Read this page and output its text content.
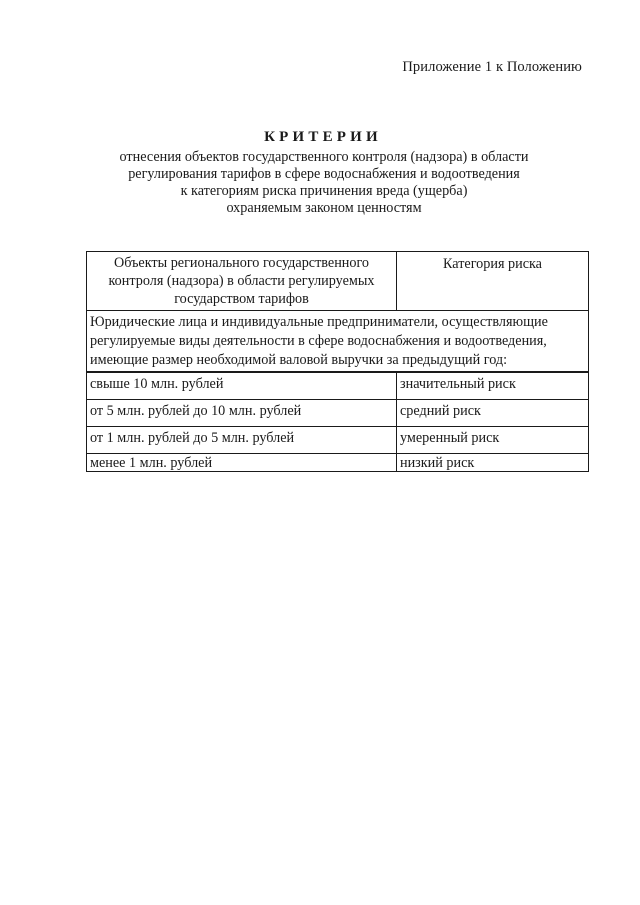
Приложение 1 к Положению
КРИТЕРИИ
отнесения объектов государственного контроля (надзора) в области
регулирования тарифов в сфере водоснабжения и водоотведения
к категориям риска причинения вреда (ущерба)
охраняемым законом ценностям
Объекты регионального государственного
контроля (надзора) в области регулируемых
государством тарифов	Категория риска

Юридические лица и индивидуальные предприниматели, осуществляющие
регулируемые виды деятельности в сфере водоснабжения и водоотведения,
имеющие размер необходимой валовой выручки за предыдущий год:	

свыше 10 млн. рублей	значительный риск
от 5 млн. рублей до 10 млн. рублей	средний риск
от 1 млн. рублей до 5 млн. рублей	умеренный риск
менее 1 млн. рублей	низкий риск
